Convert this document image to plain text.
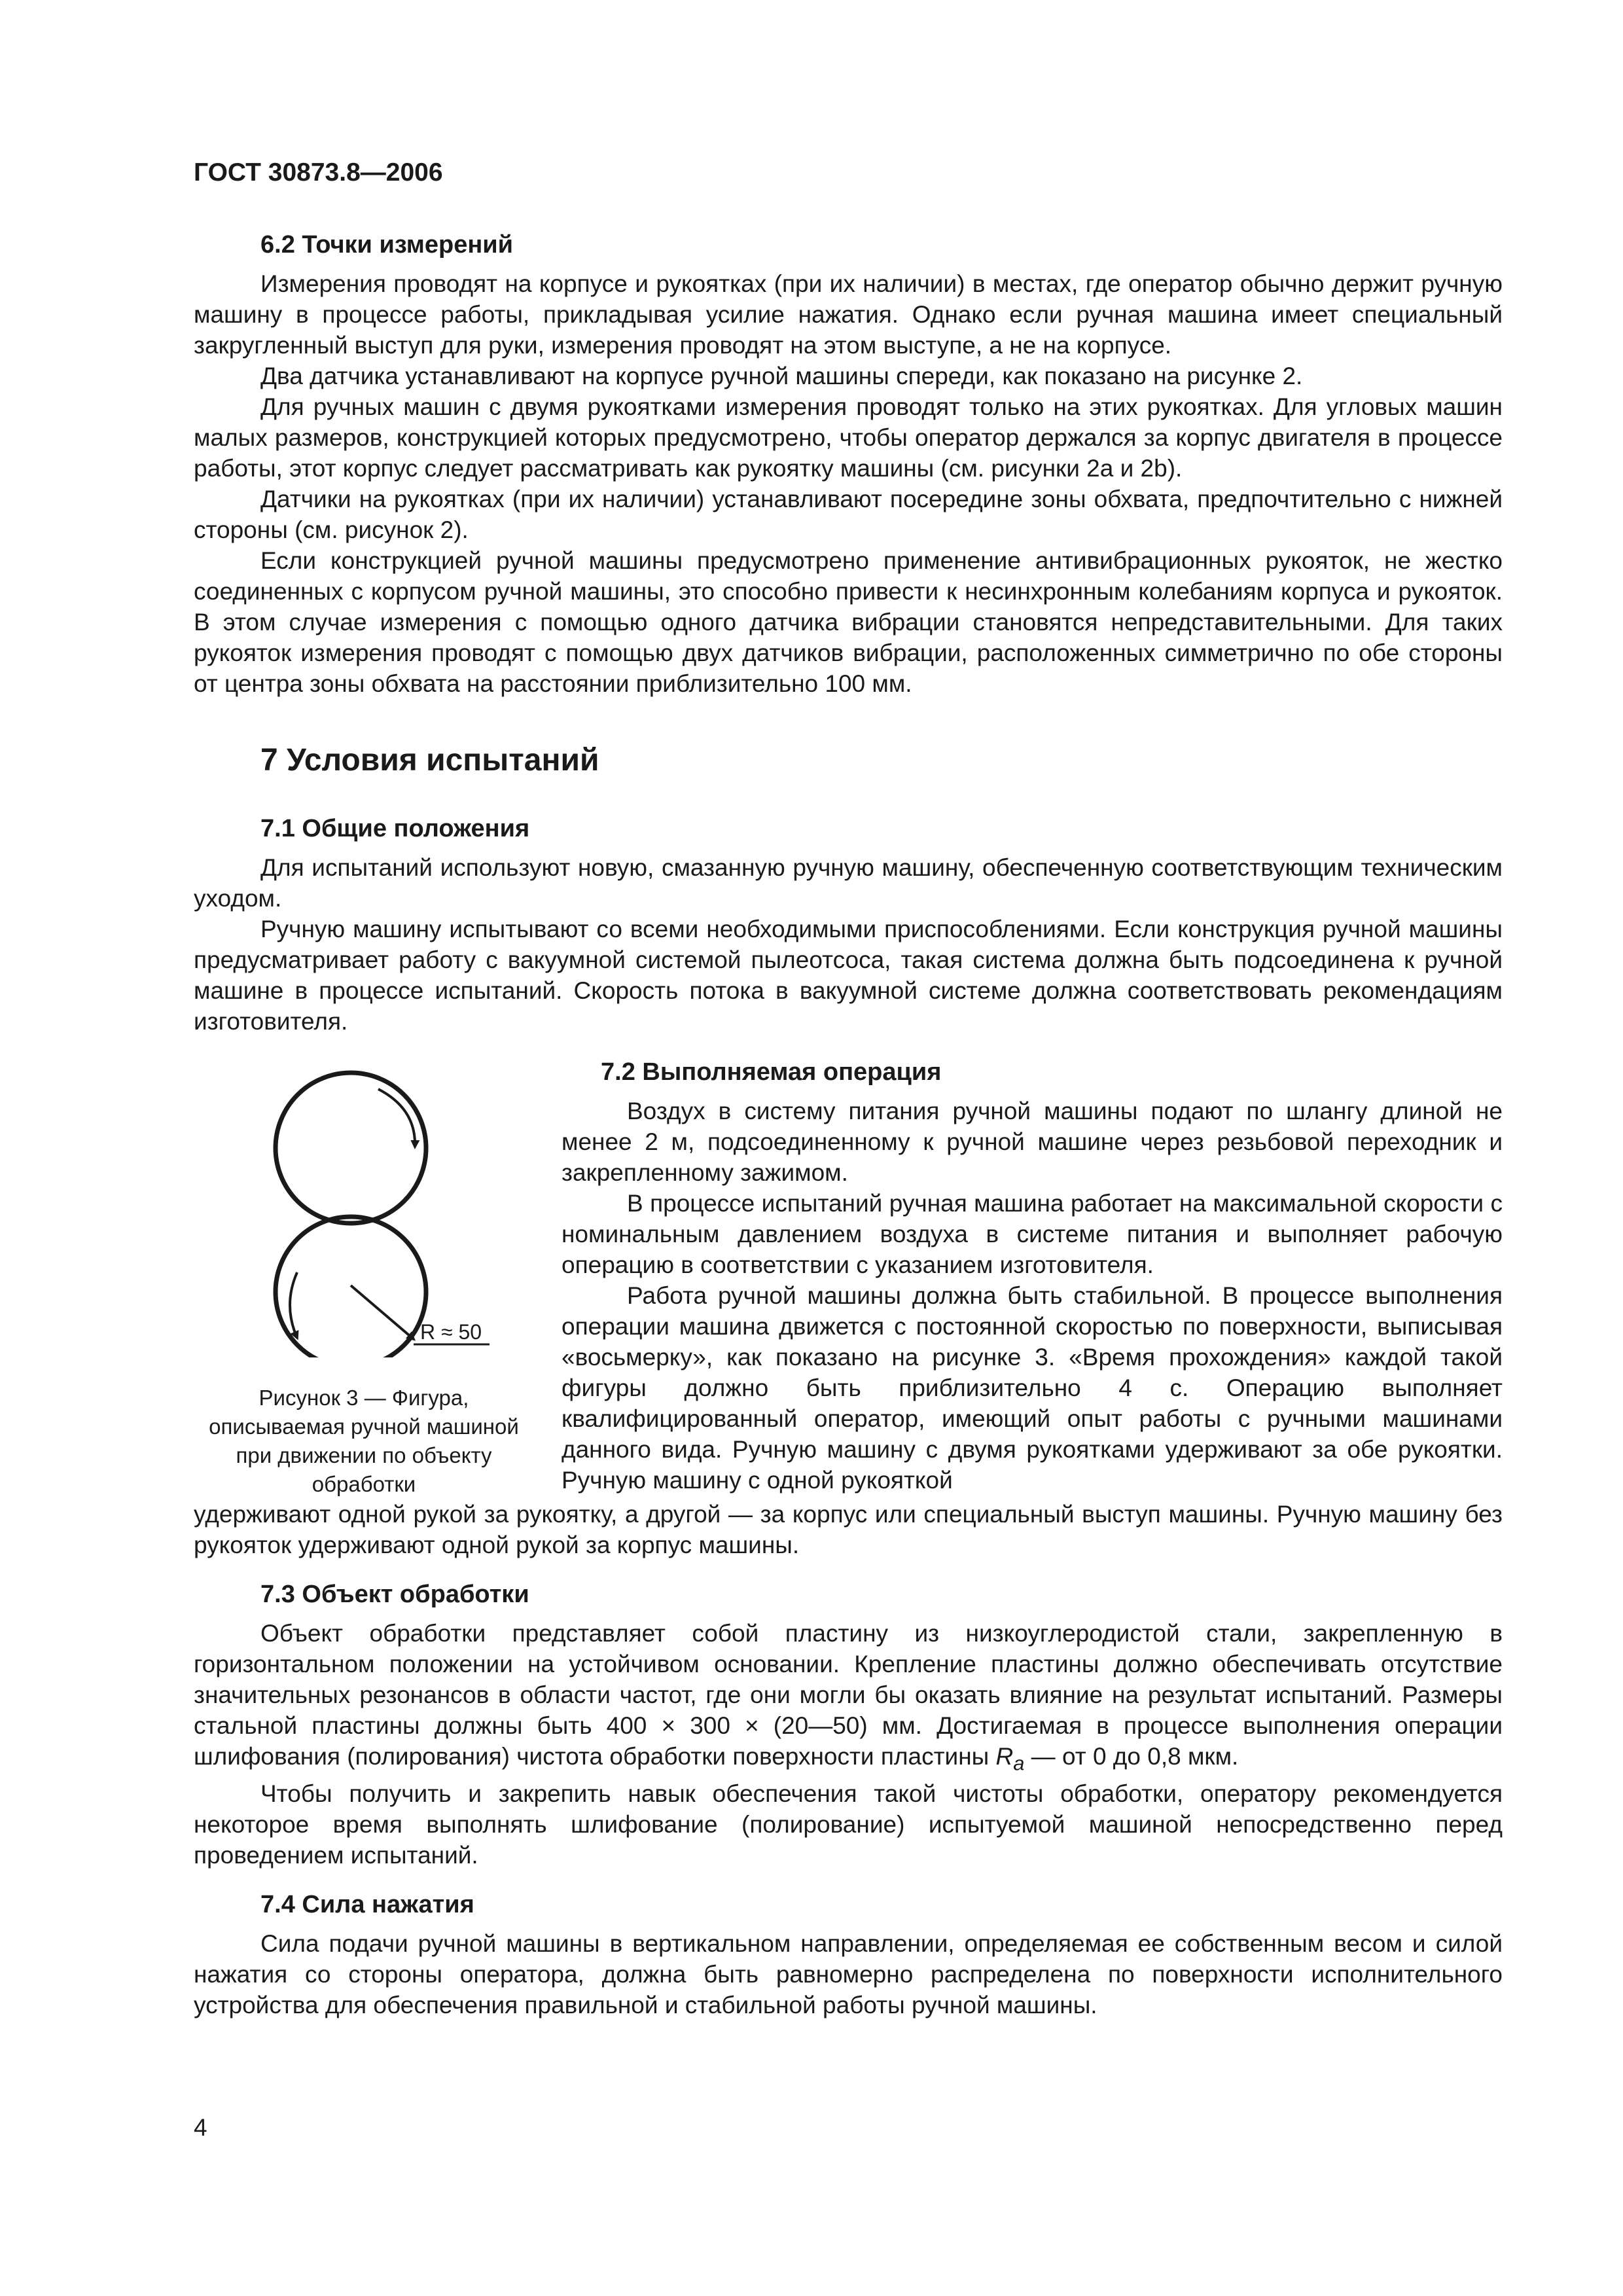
ГОСТ 30873.8—2006
6.2 Точки измерений

Измерения проводят на корпусе и рукоятках (при их наличии) в местах, где оператор обычно держит ручную машину в процессе работы, прикладывая усилие нажатия. Однако если ручная машина имеет специальный закругленный выступ для руки, измерения проводят на этом выступе, а не на корпусе.

Два датчика устанавливают на корпусе ручной машины спереди, как показано на рисунке 2.

Для ручных машин с двумя рукоятками измерения проводят только на этих рукоятках. Для угловых машин малых размеров, конструкцией которых предусмотрено, чтобы оператор держался за корпус двигателя в процессе работы, этот корпус следует рассматривать как рукоятку машины (см. рисунки 2a и 2b).

Датчики на рукоятках (при их наличии) устанавливают посередине зоны обхвата, предпочтительно с нижней стороны (см. рисунок 2).

Если конструкцией ручной машины предусмотрено применение антивибрационных рукояток, не жестко соединенных с корпусом ручной машины, это способно привести к несинхронным колебаниям корпуса и рукояток. В этом случае измерения с помощью одного датчика вибрации становятся непредставительными. Для таких рукояток измерения проводят с помощью двух датчиков вибрации, расположенных симметрично по обе стороны от центра зоны обхвата на расстоянии приблизительно 100 мм.

7 Условия испытаний
7.1 Общие положения

Для испытаний используют новую, смазанную ручную машину, обеспеченную соответствующим техническим уходом.

Ручную машину испытывают со всеми необходимыми приспособлениями. Если конструкция ручной машины предусматривает работу с вакуумной системой пылеотсоса, такая система должна быть подсоединена к ручной машине в процессе испытаний. Скорость потока в вакуумной системе должна соответствовать рекомендациям изготовителя.

R ≈ 50
Рисунок 3 — Фигура, описываемая ручной машиной при движении по объекту обработки
7.2 Выполняемая операция

Воздух в систему питания ручной машины подают по шлангу длиной не менее 2 м, подсоединенному к ручной машине через резьбовой переходник и закрепленному зажимом.

В процессе испытаний ручная машина работает на максимальной скорости с номинальным давлением воздуха в системе питания и выполняет рабочую операцию в соответствии с указанием изготовителя.

Работа ручной машины должна быть стабильной. В процессе выполнения операции машина движется с постоянной скоростью по поверхности, выписывая «восьмерку», как показано на рисунке 3. «Время прохождения» каждой такой фигуры должно быть приблизительно 4 с. Операцию выполняет квалифицированный оператор, имеющий опыт работы с ручными машинами данного вида. Ручную машину с двумя рукоятками удерживают за обе рукоятки. Ручную машину с одной рукояткой

удерживают одной рукой за рукоятку, а другой — за корпус или специальный выступ машины. Ручную машину без рукояток удерживают одной рукой за корпус машины.

7.3 Объект обработки

Объект обработки представляет собой пластину из низкоуглеродистой стали, закрепленную в горизонтальном положении на устойчивом основании. Крепление пластины должно обеспечивать отсутствие значительных резонансов в области частот, где они могли бы оказать влияние на результат испытаний. Размеры стальной пластины должны быть 400 × 300 × (20—50) мм. Достигаемая в процессе выполнения операции шлифования (полирования) чистота обработки поверхности пластины $R_a$ — от 0 до 0,8 мкм.

Чтобы получить и закрепить навык обеспечения такой чистоты обработки, оператору рекомендуется некоторое время выполнять шлифование (полирование) испытуемой машиной непосредственно перед проведением испытаний.

7.4 Сила нажатия

Сила подачи ручной машины в вертикальном направлении, определяемая ее собственным весом и силой нажатия со стороны оператора, должна быть равномерно распределена по поверхности исполнительного устройства для обеспечения правильной и стабильной работы ручной машины.

4
